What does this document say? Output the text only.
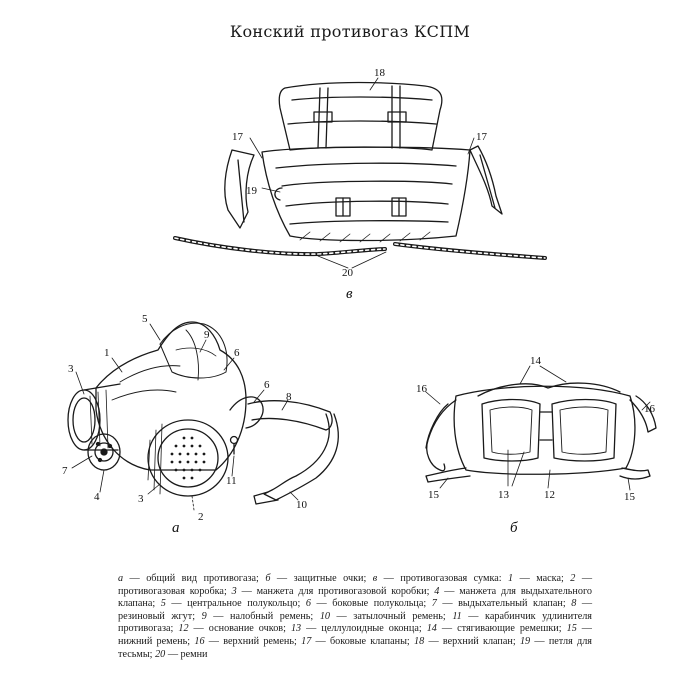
Конский противогаз КСПМ
18
17	17
19
20
5
9
6
1
3
7
4	3
2
11
6
8
10
14
16
16
13	12
15	15
в
а	б
а — общий вид противогаза; б — защитные очки; в — противогазовая сумка: 1 — маска; 2 — противогазовая коробка; 3 — манжета для противогазовой коробки; 4 — манжета для выдыхательного клапана; 5 — центральное полукольцо; 6 — боковые полукольца; 7 — выдыхательный клапан; 8 — резиновый жгут; 9 — налобный ремень; 10 — затылочный ремень; 11 — карабинчик удлинителя противогаза; 12 — основание очков; 13 — целлулоидные оконца; 14 — стягивающие ремешки; 15 — нижний ремень; 16 — верхний ремень; 17 — боковые клапаны; 18 — верхний клапан; 19 — петля для тесьмы; 20 — ремни
